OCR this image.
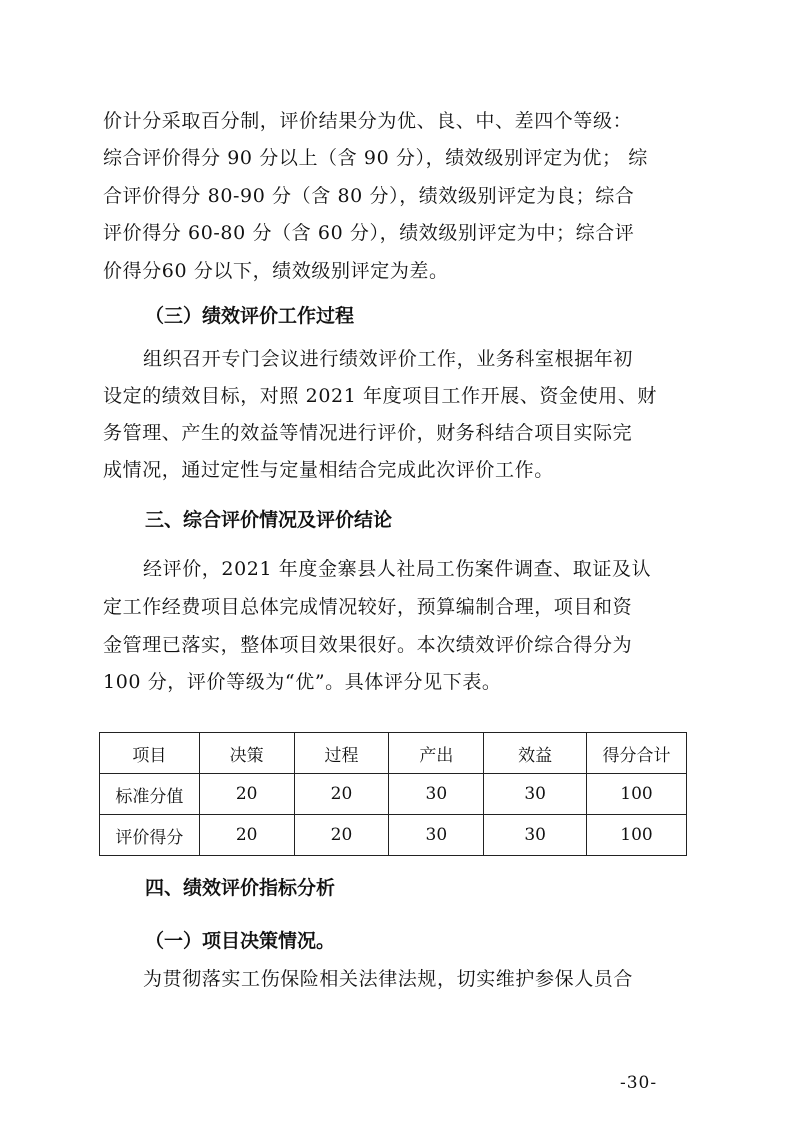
价计分采取百分制，评价结果分为优、良、中、差四个等级：
综合评价得分 90 分以上（含 90 分），绩效级别评定为优； 综
合评价得分 80-90 分（含 80 分），绩效级别评定为良；综合
评价得分 60-80 分（含 60 分），绩效级别评定为中；综合评
价得分60 分以下，绩效级别评定为差。
（三）绩效评价工作过程
组织召开专门会议进行绩效评价工作，业务科室根据年初
设定的绩效目标，对照 2021 年度项目工作开展、资金使用、财
务管理、产生的效益等情况进行评价，财务科结合项目实际完
成情况，通过定性与定量相结合完成此次评价工作。
三、综合评价情况及评价结论
经评价，2021 年度金寨县人社局工伤案件调查、取证及认
定工作经费项目总体完成情况较好，预算编制合理，项目和资
金管理已落实，整体项目效果很好。本次绩效评价综合得分为
100 分，评价等级为“优”。具体评分见下表。
项目	决策	过程	产出	效益	得分合计
标准分值	20	20	30	30	100
评价得分	20	20	30	30	100
四、绩效评价指标分析
（一）项目决策情况。
为贯彻落实工伤保险相关法律法规，切实维护参保人员合
-30-
